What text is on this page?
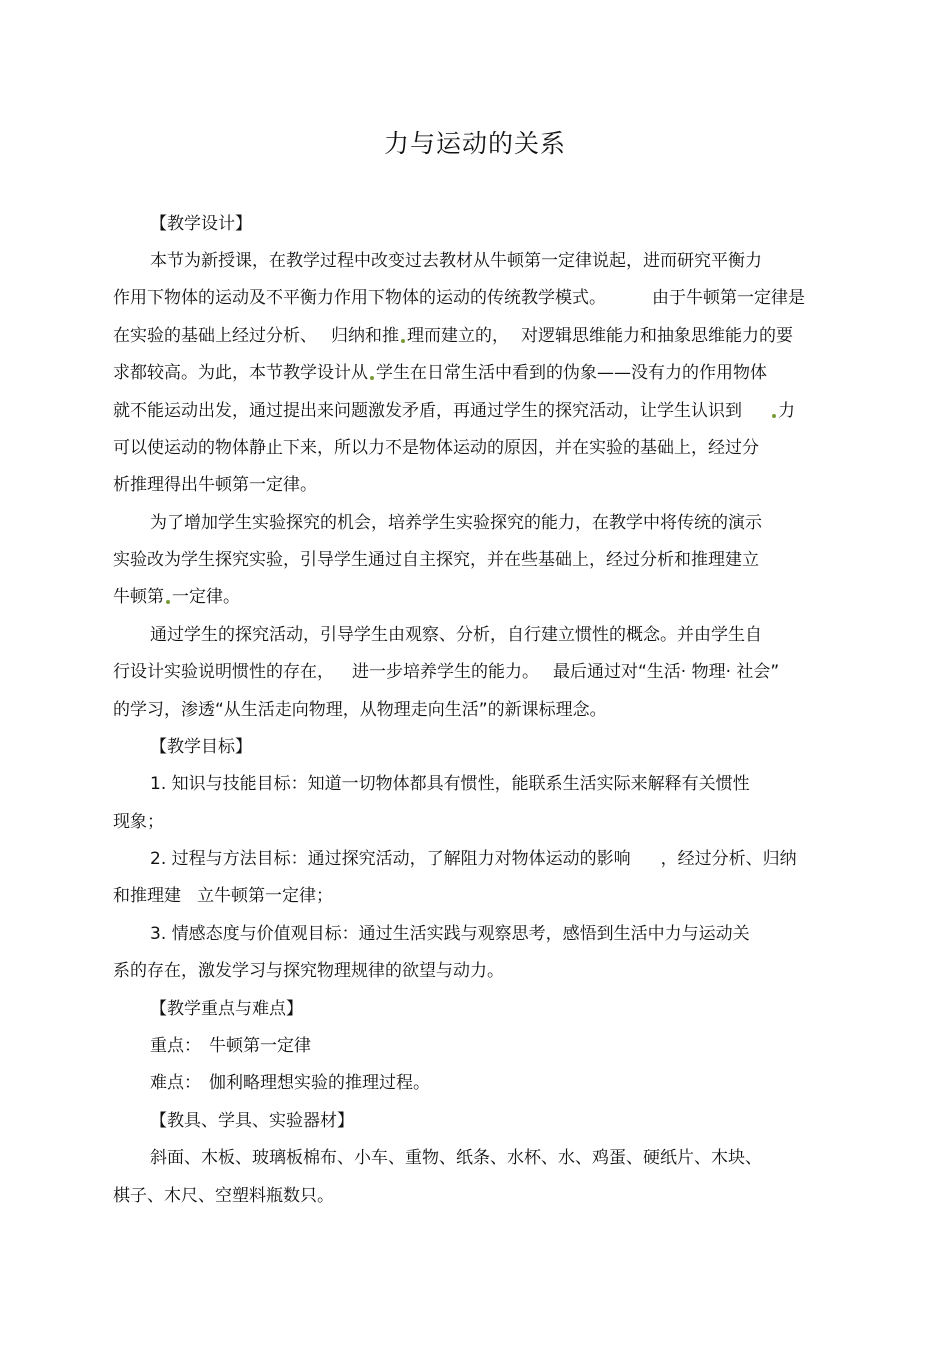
力与运动的关系
【教学设计】
本节为新授课，在教学过程中改变过去教材从牛顿第一定律说起，进而研究平衡力
作用下物体的运动及不平衡力作用下物体的运动的传统教学模式。	由于牛顿第一定律是
在实验的基础上经过分析、 归纳和推 理而建立的， 对逻辑思维能力和抽象思维能力的要
求都较高。为此，本节教学设计从 学生在日常生活中看到的伪象——没有力的作用物体
就不能运动出发，通过提出来问题激发矛盾，再通过学生的探究活动，让学生认识到 力
可以使运动的物体静止下来，所以力不是物体运动的原因，并在实验的基础上，经过分
析推理得出牛顿第一定律。
为了增加学生实验探究的机会，培养学生实验探究的能力，在教学中将传统的演示
实验改为学生探究实验，引导学生通过自主探究，并在些基础上，经过分析和推理建立
牛顿第 一定律。
通过学生的探究活动，引导学生由观察、分析，自行建立惯性的概念。并由学生自
行设计实验说明惯性的存在， 进一步培养学生的能力。 最后通过对“生活· 物理· 社会”
的学习，渗透“从生活走向物理，从物理走向生活”的新课标理念。
【教学目标】
1. 知识与技能目标：知道一切物体都具有惯性，能联系生活实际来解释有关惯性
现象；
2. 过程与方法目标：通过探究活动，了解阻力对物体运动的影响 ，经过分析、归纳
和推理建 立牛顿第一定律；
3. 情感态度与价值观目标：通过生活实践与观察思考，感悟到生活中力与运动关
系的存在，激发学习与探究物理规律的欲望与动力。
【教学重点与难点】
重点： 牛顿第一定律
难点： 伽利略理想实验的推理过程。
【教具、学具、实验器材】
斜面、木板、玻璃板棉布、小车、重物、纸条、水杯、水、鸡蛋、硬纸片、木块、
棋子、木尺、空塑料瓶数只。
